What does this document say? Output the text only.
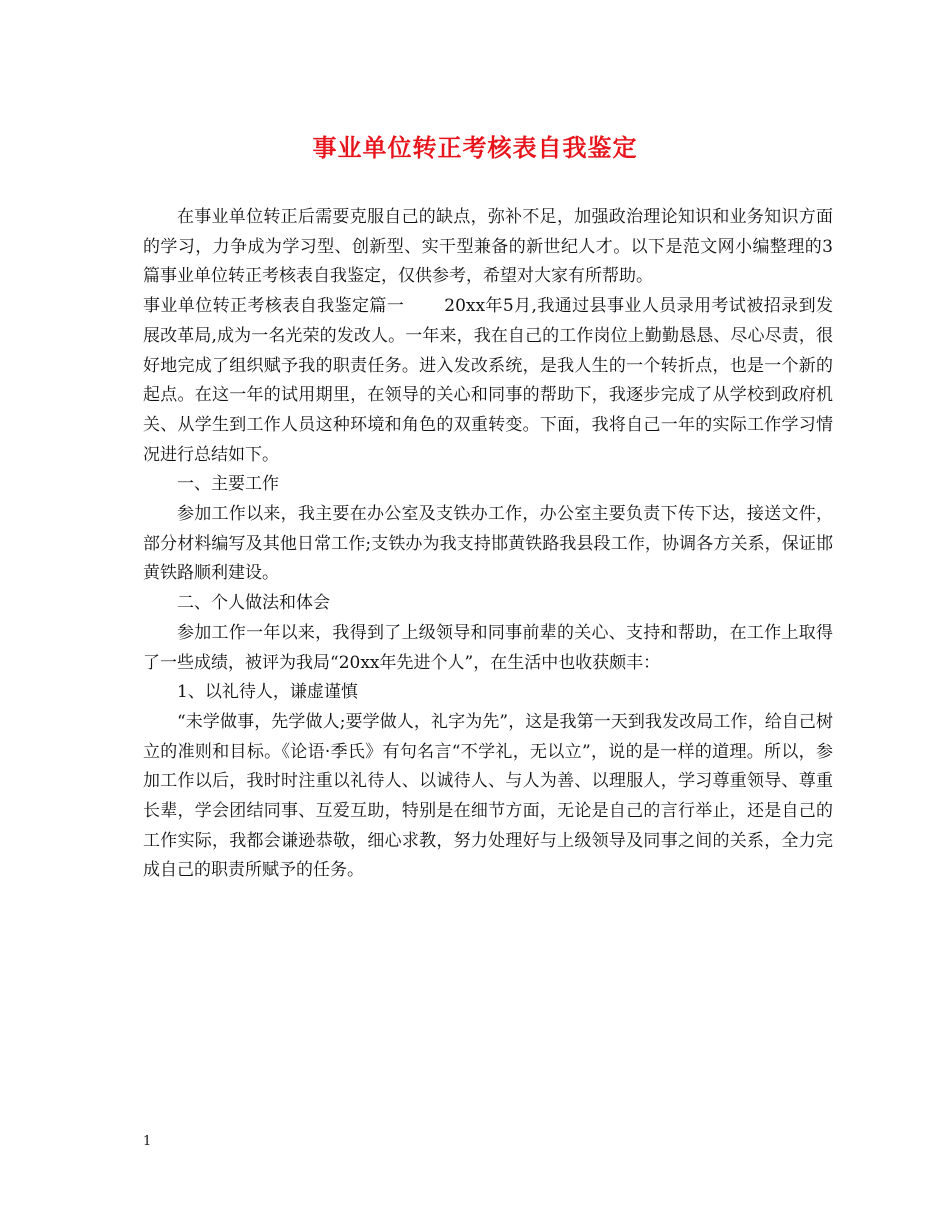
事业单位转正考核表自我鉴定

在事业单位转正后需要克服自己的缺点，弥补不足，加强政治理论知识和业务知识方面的学习，力争成为学习型、创新型、实干型兼备的新世纪人才。以下是范文网小编整理的3篇事业单位转正考核表自我鉴定，仅供参考，希望对大家有所帮助。

事业单位转正考核表自我鉴定篇一 20xx年5月,我通过县事业人员录用考试被招录到发展改革局,成为一名光荣的发改人。一年来，我在自己的工作岗位上勤勤恳恳、尽心尽责，很好地完成了组织赋予我的职责任务。进入发改系统，是我人生的一个转折点，也是一个新的起点。在这一年的试用期里，在领导的关心和同事的帮助下，我逐步完成了从学校到政府机关、从学生到工作人员这种环境和角色的双重转变。下面，我将自己一年的实际工作学习情况进行总结如下。

一、主要工作

参加工作以来，我主要在办公室及支铁办工作，办公室主要负责下传下达，接送文件，部分材料编写及其他日常工作;支铁办为我支持邯黄铁路我县段工作，协调各方关系，保证邯黄铁路顺利建设。

二、个人做法和体会

参加工作一年以来，我得到了上级领导和同事前辈的关心、支持和帮助，在工作上取得了一些成绩，被评为我局“20xx年先进个人”，在生活中也收获颇丰：

1、以礼待人，谦虚谨慎

“未学做事，先学做人;要学做人，礼字为先”，这是我第一天到我发改局工作，给自己树立的准则和目标。《论语·季氏》有句名言“不学礼，无以立”，说的是一样的道理。所以，参加工作以后，我时时注重以礼待人、以诚待人、与人为善、以理服人，学习尊重领导、尊重长辈，学会团结同事、互爱互助，特别是在细节方面，无论是自己的言行举止，还是自己的工作实际，我都会谦逊恭敬，细心求教，努力处理好与上级领导及同事之间的关系，全力完成自己的职责所赋予的任务。

1
